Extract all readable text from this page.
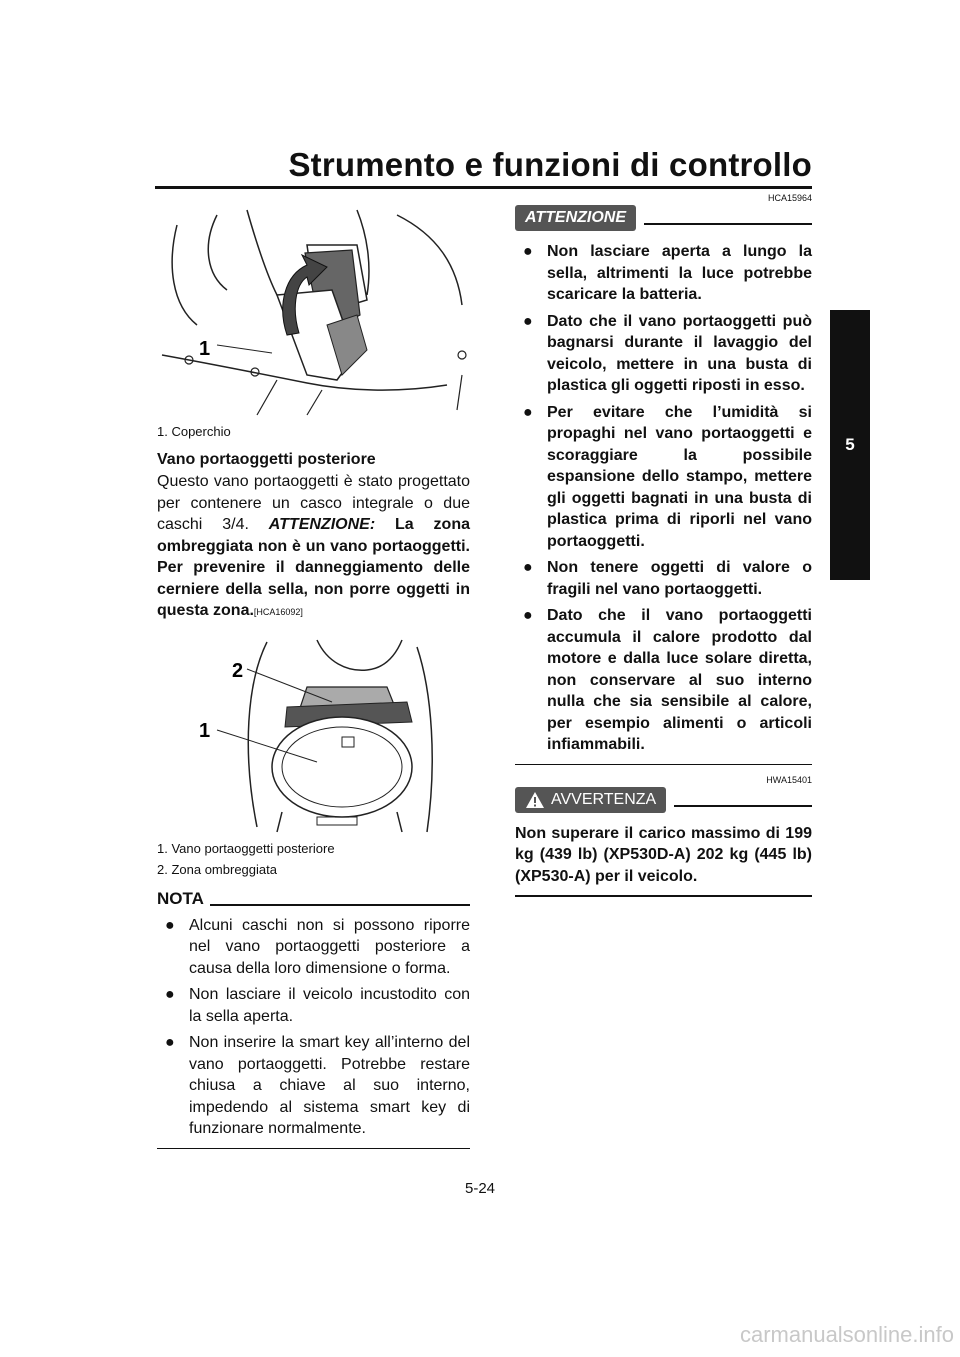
Strumento e funzioni di controllo
5
1
1. Coperchio
Vano portaoggetti posteriore
Questo vano portaoggetti è stato progettato per contenere un casco integrale o due caschi 3/4. ATTENZIONE: La zona ombreggiata non è un vano portaoggetti. Per prevenire il danneggiamento delle cerniere della sella, non porre oggetti in questa zona.[HCA16092]
2
1
1. Vano portaoggetti posteriore
2. Zona ombreggiata
NOTA
● Alcuni caschi non si possono riporre nel vano portaoggetti posteriore a causa della loro dimensione o forma.
● Non lasciare il veicolo incustodito con la sella aperta.
● Non inserire la smart key all’interno del vano portaoggetti. Potrebbe restare chiusa a chiave al suo interno, impedendo al sistema smart key di funzionare normalmente.
HCA15964
ATTENZIONE
● Non lasciare aperta a lungo la sella, altrimenti la luce potrebbe scaricare la batteria.
● Dato che il vano portaoggetti può bagnarsi durante il lavaggio del veicolo, mettere in una busta di plastica gli oggetti riposti in esso.
● Per evitare che l’umidità si propaghi nel vano portaoggetti e scoraggiare la possibile espansione dello stampo, mettere gli oggetti bagnati in una busta di plastica prima di riporli nel vano portaoggetti.
● Non tenere oggetti di valore o fragili nel vano portaoggetti.
● Dato che il vano portaoggetti accumula il calore prodotto dal motore e dalla luce solare diretta, non conservare al suo interno nulla che sia sensibile al calore, per esempio alimenti o articoli infiammabili.
HWA15401
AVVERTENZA
Non superare il carico massimo di 199 kg (439 lb) (XP530D-A) 202 kg (445 lb) (XP530-A) per il veicolo.
5-24
carmanualsonline.info
